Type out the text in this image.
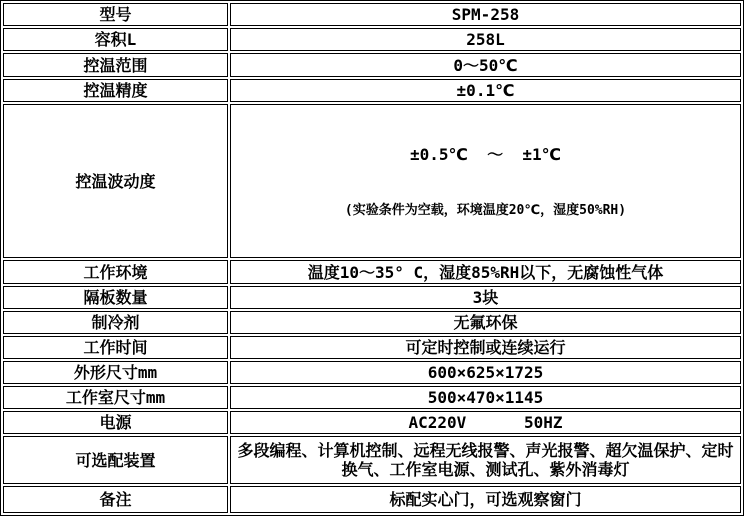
型号	SPM-258
容积L	258L
控温范围	0～50℃
控温精度	±0.1℃
控温波动度	±0.5℃  ～  ±1℃

(实验条件为空载，环境温度20℃，湿度50%RH)

工作环境	温度10～35° C，湿度85%RH以下，无腐蚀性气体
隔板数量	3块
制冷剂	无氟环保
工作时间	可定时控制或连续运行
外形尺寸mm	600×625×1725
工作室尺寸mm	500×470×1145
电源	AC220V      50HZ
可选配装置	多段编程、计算机控制、远程无线报警、声光报警、超欠温保护、定时换气、工作室电源、测试孔、紫外消毒灯
备注	标配实心门，可选观察窗门
